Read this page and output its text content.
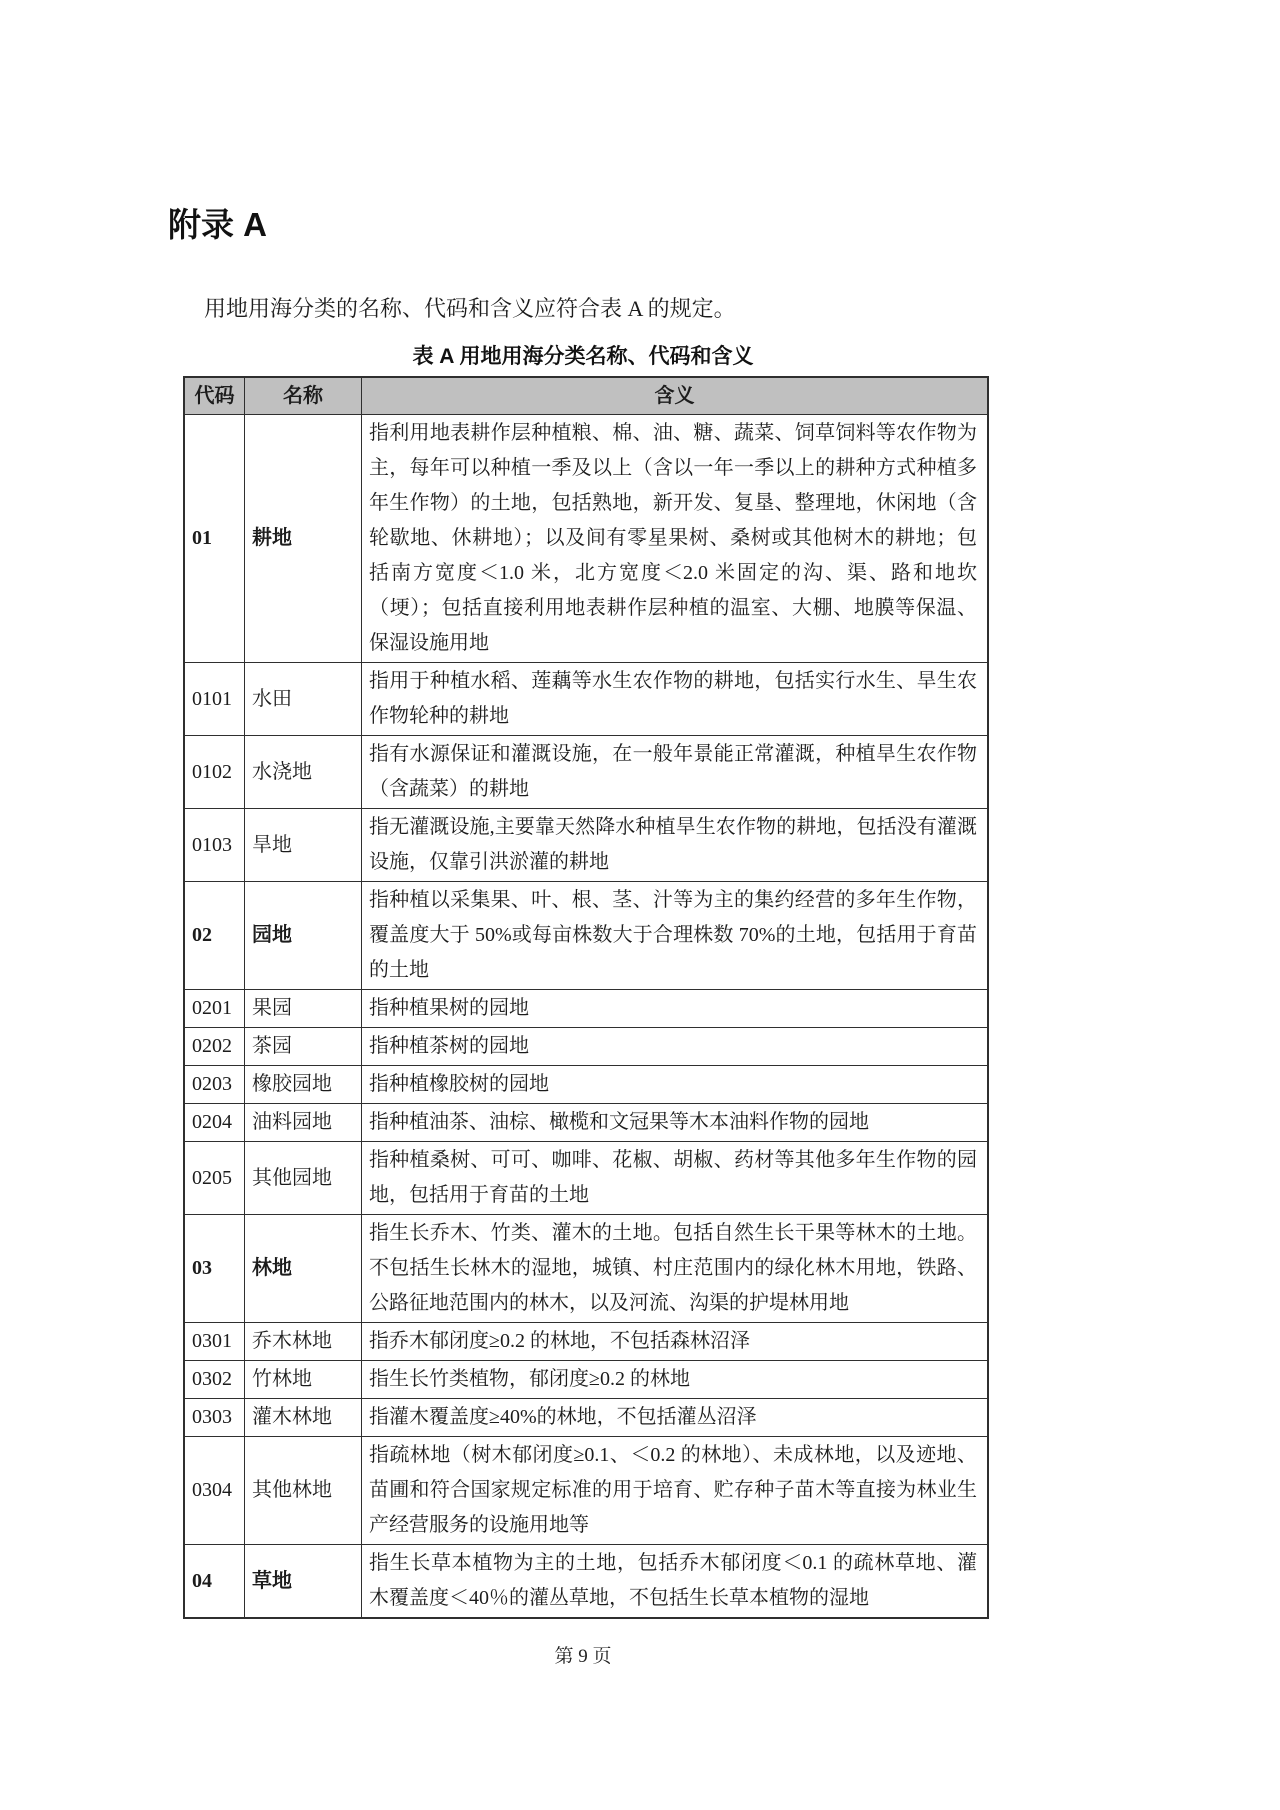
附录 A

用地用海分类的名称、代码和含义应符合表 A 的规定。

表 A 用地用海分类名称、代码和含义
代码	名称	含义
01	耕地	指利用地表耕作层种植粮、棉、油、糖、蔬菜、饲草饲料等农作物为主，每年可以种植一季及以上（含以一年一季以上的耕种方式种植多年生作物）的土地，包括熟地，新开发、复垦、整理地，休闲地（含轮歇地、休耕地）；以及间有零星果树、桑树或其他树木的耕地；包括南方宽度＜1.0 米，北方宽度＜2.0 米固定的沟、渠、路和地坎（埂）；包括直接利用地表耕作层种植的温室、大棚、地膜等保温、保湿设施用地
0101	水田	指用于种植水稻、莲藕等水生农作物的耕地，包括实行水生、旱生农作物轮种的耕地
0102	水浇地	指有水源保证和灌溉设施，在一般年景能正常灌溉，种植旱生农作物（含蔬菜）的耕地
0103	旱地	指无灌溉设施,主要靠天然降水种植旱生农作物的耕地，包括没有灌溉设施，仅靠引洪淤灌的耕地
02	园地	指种植以采集果、叶、根、茎、汁等为主的集约经营的多年生作物，覆盖度大于 50%或每亩株数大于合理株数 70%的土地，包括用于育苗的土地
0201	果园	指种植果树的园地
0202	茶园	指种植茶树的园地
0203	橡胶园地	指种植橡胶树的园地
0204	油料园地	指种植油茶、油棕、橄榄和文冠果等木本油料作物的园地
0205	其他园地	指种植桑树、可可、咖啡、花椒、胡椒、药材等其他多年生作物的园地，包括用于育苗的土地
03	林地	指生长乔木、竹类、灌木的土地。包括自然生长干果等林木的土地。不包括生长林木的湿地，城镇、村庄范围内的绿化林木用地，铁路、公路征地范围内的林木，以及河流、沟渠的护堤林用地
0301	乔木林地	指乔木郁闭度≥0.2 的林地，不包括森林沼泽
0302	竹林地	指生长竹类植物，郁闭度≥0.2 的林地
0303	灌木林地	指灌木覆盖度≥40%的林地，不包括灌丛沼泽
0304	其他林地	指疏林地（树木郁闭度≥0.1、＜0.2 的林地）、未成林地，以及迹地、苗圃和符合国家规定标准的用于培育、贮存种子苗木等直接为林业生产经营服务的设施用地等
04	草地	指生长草本植物为主的土地，包括乔木郁闭度＜0.1 的疏林草地、灌木覆盖度＜40％的灌丛草地，不包括生长草本植物的湿地
第 9 页
